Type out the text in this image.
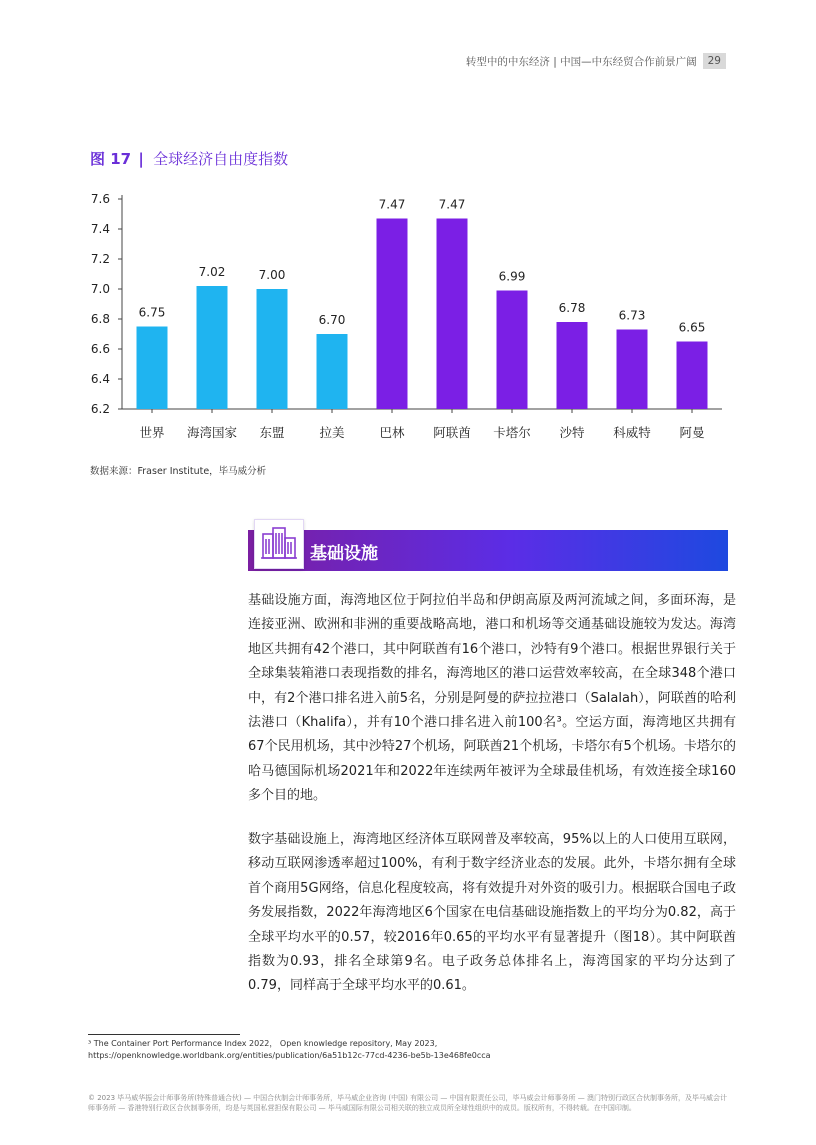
转型中的中东经济 | 中国—中东经贸合作前景广阔	29
图 17 | 全球经济自由度指数
6.2
6.4
6.6
6.8
7.0
7.2
7.4
7.6
6.75
世界
7.02
海湾国家
7.00
东盟
6.70
拉美
7.47
巴林
7.47
阿联酋
6.99
卡塔尔
6.78
沙特
6.73
科威特
6.65
阿曼
数据来源：Fraser Institute，毕马威分析
基础设施

基础设施方面，海湾地区位于阿拉伯半岛和伊朗高原及两河流域之间，多面环海，是连接亚洲、欧洲和非洲的重要战略高地，港口和机场等交通基础设施较为发达。海湾地区共拥有42个港口，其中阿联酋有16个港口，沙特有9个港口。根据世界银行关于全球集装箱港口表现指数的排名，海湾地区的港口运营效率较高，在全球348个港口中，有2个港口排名进入前5名，分别是阿曼的萨拉拉港口（Salalah），阿联酋的哈利法港口（Khalifa），并有10个港口排名进入前100名³。空运方面，海湾地区共拥有67个民用机场，其中沙特27个机场，阿联酋21个机场，卡塔尔有5个机场。卡塔尔的哈马德国际机场2021年和2022年连续两年被评为全球最佳机场，有效连接全球160多个目的地。

数字基础设施上，海湾地区经济体互联网普及率较高，95%以上的人口使用互联网，移动互联网渗透率超过100%，有利于数字经济业态的发展。此外，卡塔尔拥有全球首个商用5G网络，信息化程度较高，将有效提升对外资的吸引力。根据联合国电子政务发展指数，2022年海湾地区6个国家在电信基础设施指数上的平均分为0.82，高于全球平均水平的0.57，较2016年0.65的平均水平有显著提升（图18）。其中阿联酋指数为0.93，排名全球第9名。电子政务总体排名上，海湾国家的平均分达到了0.79，同样高于全球平均水平的0.61。

³ The Container Port Performance Index 2022， Open knowledge repository, May 2023,
https://openknowledge.worldbank.org/entities/publication/6a51b12c-77cd-4236-be5b-13e468fe0cca
© 2023 毕马威华振会计师事务所(特殊普通合伙) — 中国合伙制会计师事务所，毕马威企业咨询 (中国) 有限公司 — 中国有限责任公司，毕马威会计师事务所 — 澳门特别行政区合伙制事务所，及毕马威会计师事务所 — 香港特别行政区合伙制事务所，均是与英国私营担保有限公司 — 毕马威国际有限公司相关联的独立成员所全球性组织中的成员。版权所有，不得转载。在中国印制。
